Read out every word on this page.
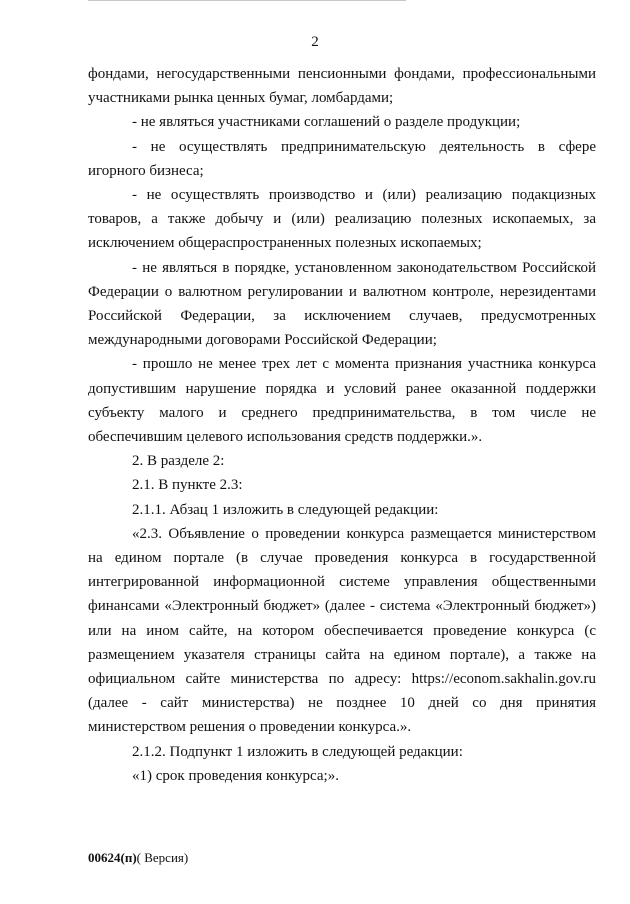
2

фондами, негосударственными пенсионными фондами, профессиональными участниками рынка ценных бумаг, ломбардами;

- не являться участниками соглашений о разделе продукции;

- не осуществлять предпринимательскую деятельность в сфере игорного бизнеса;

- не осуществлять производство и (или) реализацию подакцизных товаров, а также добычу и (или) реализацию полезных ископаемых, за исключением общераспространенных полезных ископаемых;

- не являться в порядке, установленном законодательством Российской Федерации о валютном регулировании и валютном контроле, нерезидентами Российской Федерации, за исключением случаев, предусмотренных международными договорами Российской Федерации;

- прошло не менее трех лет с момента признания участника конкурса допустившим нарушение порядка и условий ранее оказанной поддержки субъекту малого и среднего предпринимательства, в том числе не обеспечившим целевого использования средств поддержки.».

2. В разделе 2:

2.1. В пункте 2.3:

2.1.1. Абзац 1 изложить в следующей редакции:

«2.3. Объявление о проведении конкурса размещается министерством на едином портале (в случае проведения конкурса в государственной интегрированной информационной системе управления общественными финансами «Электронный бюджет» (далее - система «Электронный бюджет») или на ином сайте, на котором обеспечивается проведение конкурса (с размещением указателя страницы сайта на едином портале), а также на официальном сайте министерства по адресу: https://econom.sakhalin.gov.ru (далее - сайт министерства) не позднее 10 дней со дня принятия министерством решения о проведении конкурса.».

2.1.2. Подпункт 1 изложить в следующей редакции:

«1) срок проведения конкурса;».

00624(п)( Версия)
